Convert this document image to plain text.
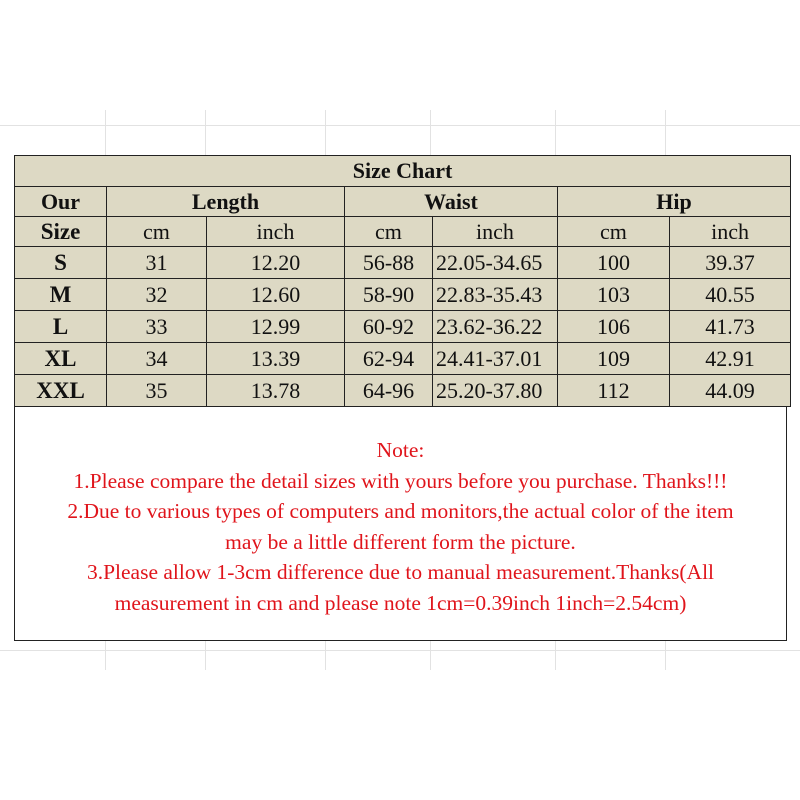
Size Chart						
Our	Length		Waist		Hip	
Size	cm	inch	cm	inch	cm	inch
S	31	12.20	56-88	22.05-34.65	100	39.37
M	32	12.60	58-90	22.83-35.43	103	40.55
L	33	12.99	60-92	23.62-36.22	106	41.73
XL	34	13.39	62-94	24.41-37.01	109	42.91
XXL	35	13.78	64-96	25.20-37.80	112	44.09
Note:
1.Please compare the detail sizes with yours before you purchase. Thanks!!!
2.Due to various types of computers and monitors,the actual color of the item
may be a little different form the picture.
3.Please allow 1-3cm difference due to manual measurement.Thanks(All
measurement in cm and please note 1cm=0.39inch 1inch=2.54cm)
